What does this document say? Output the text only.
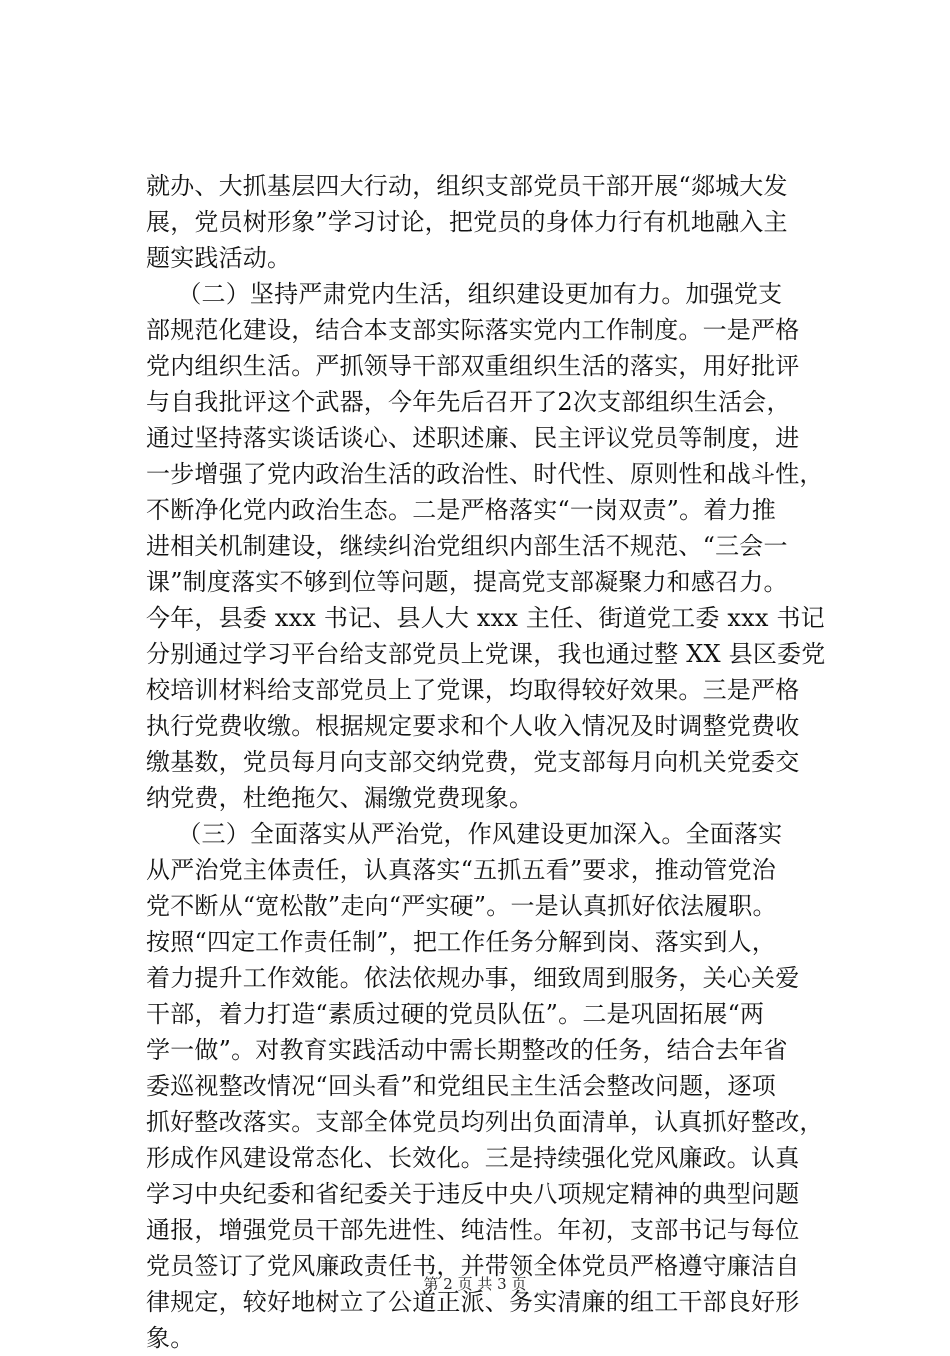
就办、大抓基层四大行动，组织支部党员干部开展“郯城大发
展，党员树形象”学习讨论，把党员的身体力行有机地融入主
题实践活动。
（二）坚持严肃党内生活，组织建设更加有力。加强党支
部规范化建设，结合本支部实际落实党内工作制度。一是严格
党内组织生活。严抓领导干部双重组织生活的落实，用好批评
与自我批评这个武器，今年先后召开了2次支部组织生活会，
通过坚持落实谈话谈心、述职述廉、民主评议党员等制度，进
一步增强了党内政治生活的政治性、时代性、原则性和战斗性，
不断净化党内政治生态。二是严格落实“一岗双责”。着力推
进相关机制建设，继续纠治党组织内部生活不规范、“三会一
课”制度落实不够到位等问题，提高党支部凝聚力和感召力。
今年，县委 xxx 书记、县人大 xxx 主任、街道党工委 xxx 书记
分别通过学习平台给支部党员上党课，我也通过整 XX 县区委党
校培训材料给支部党员上了党课，均取得较好效果。三是严格
执行党费收缴。根据规定要求和个人收入情况及时调整党费收
缴基数，党员每月向支部交纳党费，党支部每月向机关党委交
纳党费，杜绝拖欠、漏缴党费现象。
（三）全面落实从严治党，作风建设更加深入。全面落实
从严治党主体责任，认真落实“五抓五看”要求，推动管党治
党不断从“宽松散”走向“严实硬”。一是认真抓好依法履职。
按照“四定工作责任制”，把工作任务分解到岗、落实到人，
着力提升工作效能。依法依规办事，细致周到服务，关心关爱
干部，着力打造“素质过硬的党员队伍”。二是巩固拓展“两
学一做”。对教育实践活动中需长期整改的任务，结合去年省
委巡视整改情况“回头看”和党组民主生活会整改问题，逐项
抓好整改落实。支部全体党员均列出负面清单，认真抓好整改，
形成作风建设常态化、长效化。三是持续强化党风廉政。认真
学习中央纪委和省纪委关于违反中央八项规定精神的典型问题
通报，增强党员干部先进性、纯洁性。年初，支部书记与每位
党员签订了党风廉政责任书，并带领全体党员严格遵守廉洁自
律规定，较好地树立了公道正派、务实清廉的组工干部良好形
象。
第 2 页 共 3 页
